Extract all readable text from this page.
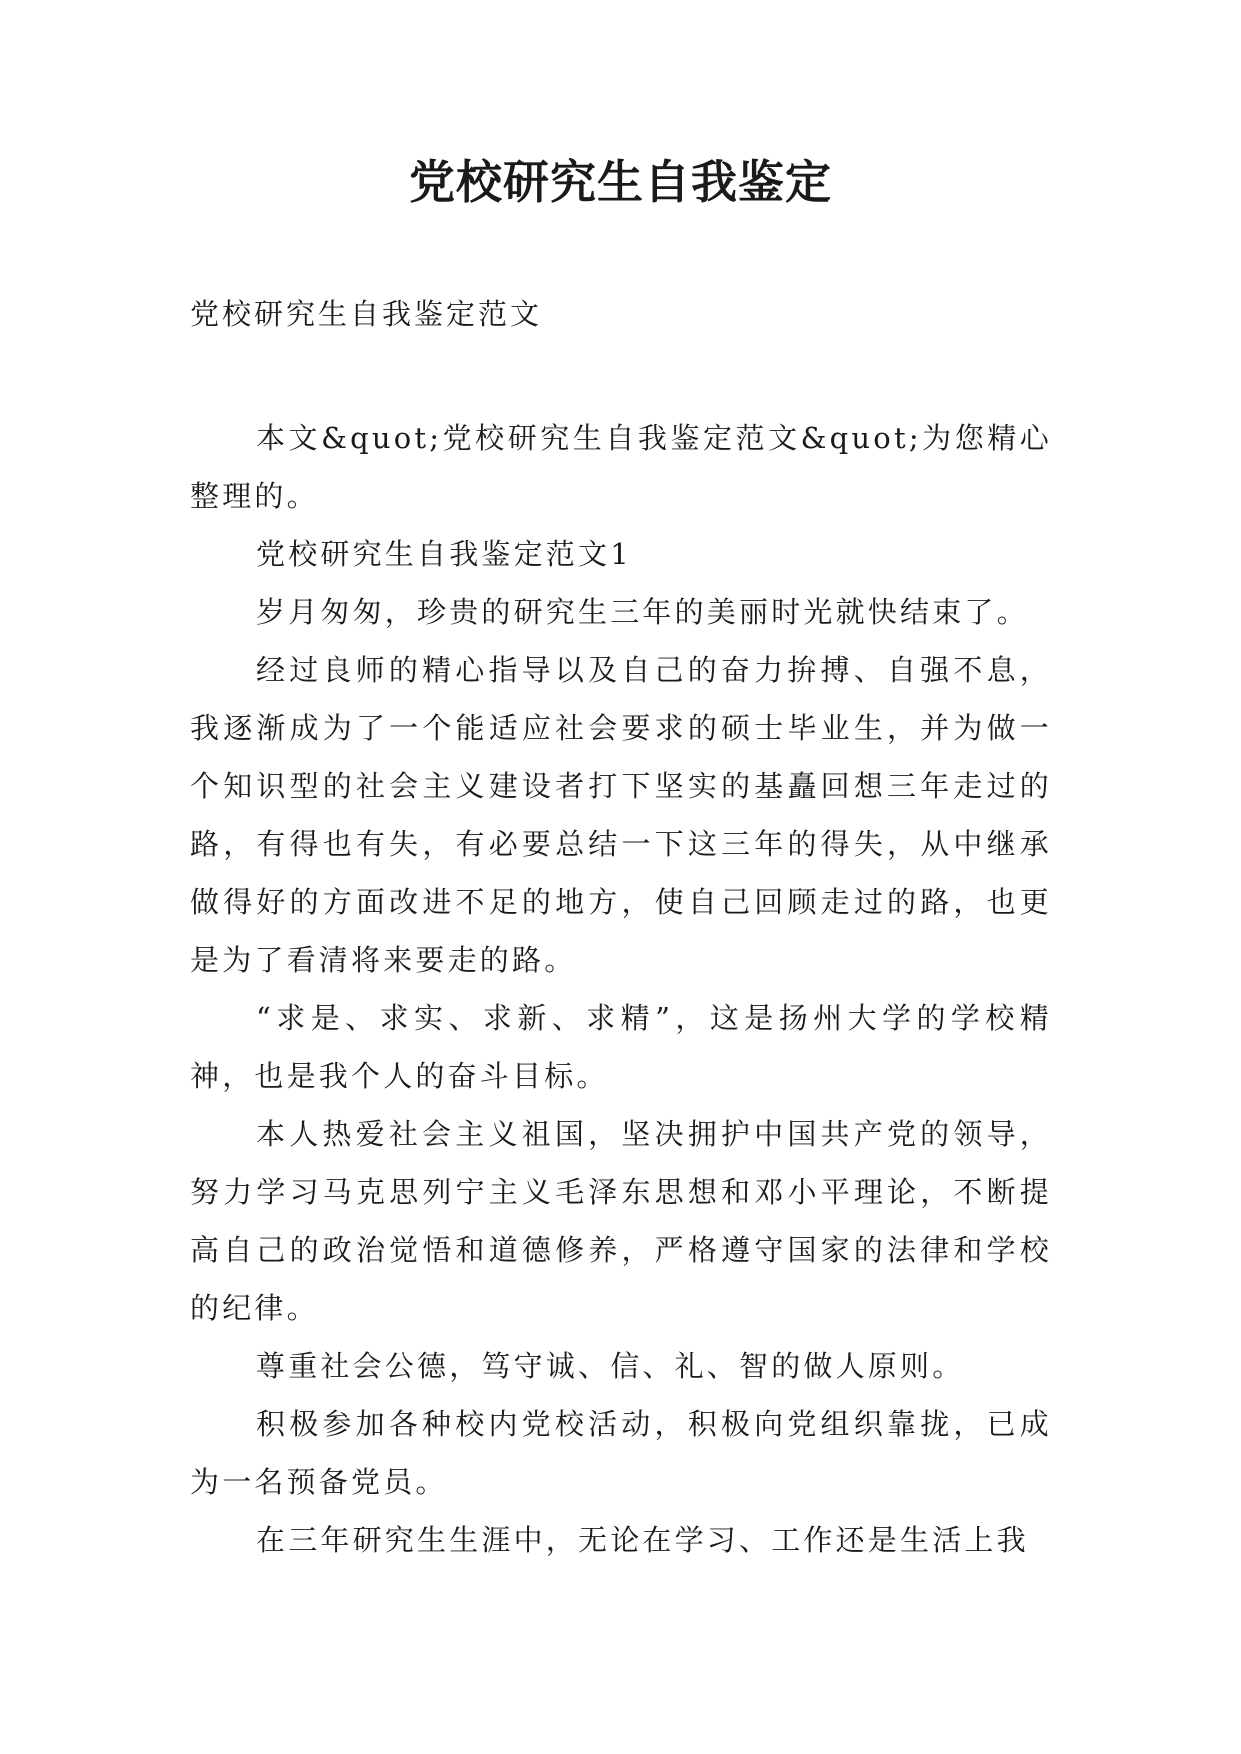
党校研究生自我鉴定

党校研究生自我鉴定范文

本文&quot;党校研究生自我鉴定范文&quot;为您精心整理的。

党校研究生自我鉴定范文1

岁月匆匆，珍贵的研究生三年的美丽时光就快结束了。

经过良师的精心指导以及自己的奋力拚搏、自强不息，我逐渐成为了一个能适应社会要求的硕士毕业生，并为做一个知识型的社会主义建设者打下坚实的基矗回想三年走过的路，有得也有失，有必要总结一下这三年的得失，从中继承做得好的方面改进不足的地方，使自己回顾走过的路，也更是为了看清将来要走的路。

“求是、求实、求新、求精”，这是扬州大学的学校精神，也是我个人的奋斗目标。

本人热爱社会主义祖国，坚决拥护中国共产党的领导，努力学习马克思列宁主义毛泽东思想和邓小平理论，不断提高自己的政治觉悟和道德修养，严格遵守国家的法律和学校的纪律。

尊重社会公德，笃守诚、信、礼、智的做人原则。

积极参加各种校内党校活动，积极向党组织靠拢，已成为一名预备党员。

在三年研究生生涯中，无论在学习、工作还是生活上我
